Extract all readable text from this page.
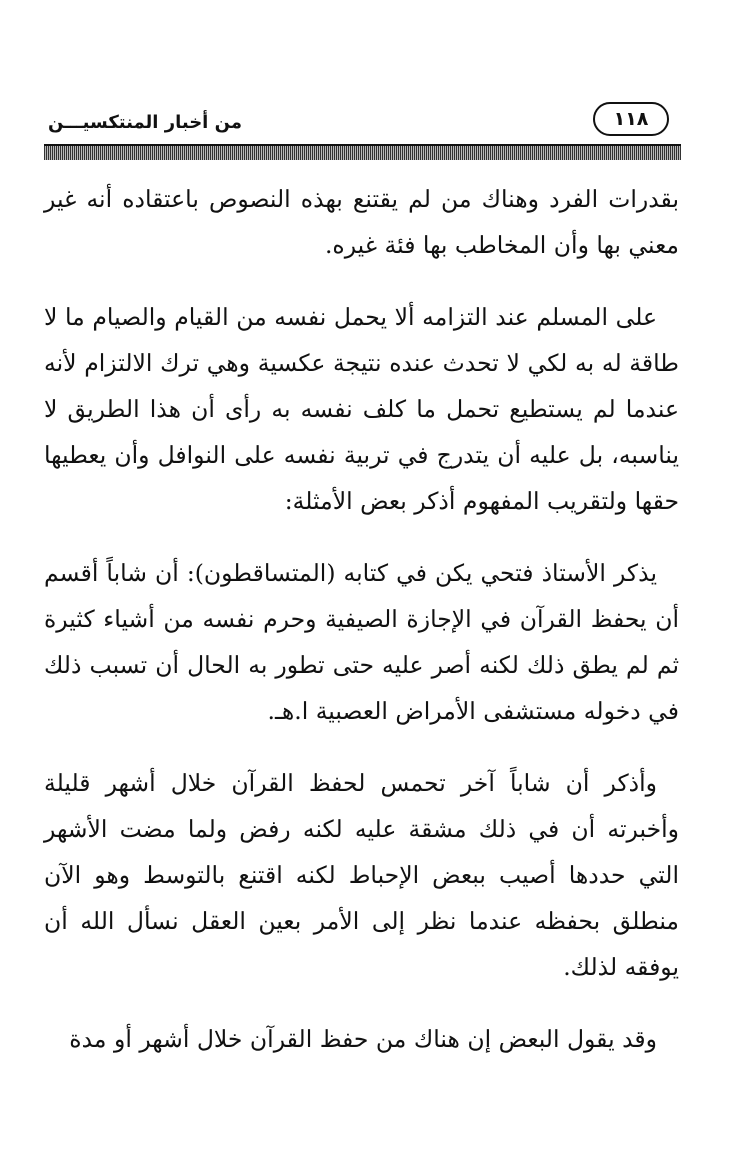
١١٨
من أخبار المنتكسيـــن

بقدرات الفرد وهناك من لم يقتنع بهذه النصوص باعتقاده أنه غير معني بها وأن المخاطب بها فئة غيره.

على المسلم عند التزامه ألا يحمل نفسه من القيام والصيام ما لا طاقة له به لكي لا تحدث عنده نتيجة عكسية وهي ترك الالتزام لأنه عندما لم يستطيع تحمل ما كلف نفسه به رأى أن هذا الطريق لا يناسبه، بل عليه أن يتدرج في تربية نفسه على النوافل وأن يعطيها حقها ولتقريب المفهوم أذكر بعض الأمثلة:

يذكر الأستاذ فتحي يكن في كتابه (المتساقطون): أن شاباً أقسم أن يحفظ القرآن في الإجازة الصيفية وحرم نفسه من أشياء كثيرة ثم لم يطق ذلك لكنه أصر عليه حتى تطور به الحال أن تسبب ذلك في دخوله مستشفى الأمراض العصبية ا.هـ.

وأذكر أن شاباً آخر تحمس لحفظ القرآن خلال أشهر قليلة وأخبرته أن في ذلك مشقة عليه لكنه رفض ولما مضت الأشهر التي حددها أصيب ببعض الإحباط لكنه اقتنع بالتوسط وهو الآن منطلق بحفظه عندما نظر إلى الأمر بعين العقل نسأل الله أن يوفقه لذلك.

وقد يقول البعض إن هناك من حفظ القرآن خلال أشهر أو مدة
